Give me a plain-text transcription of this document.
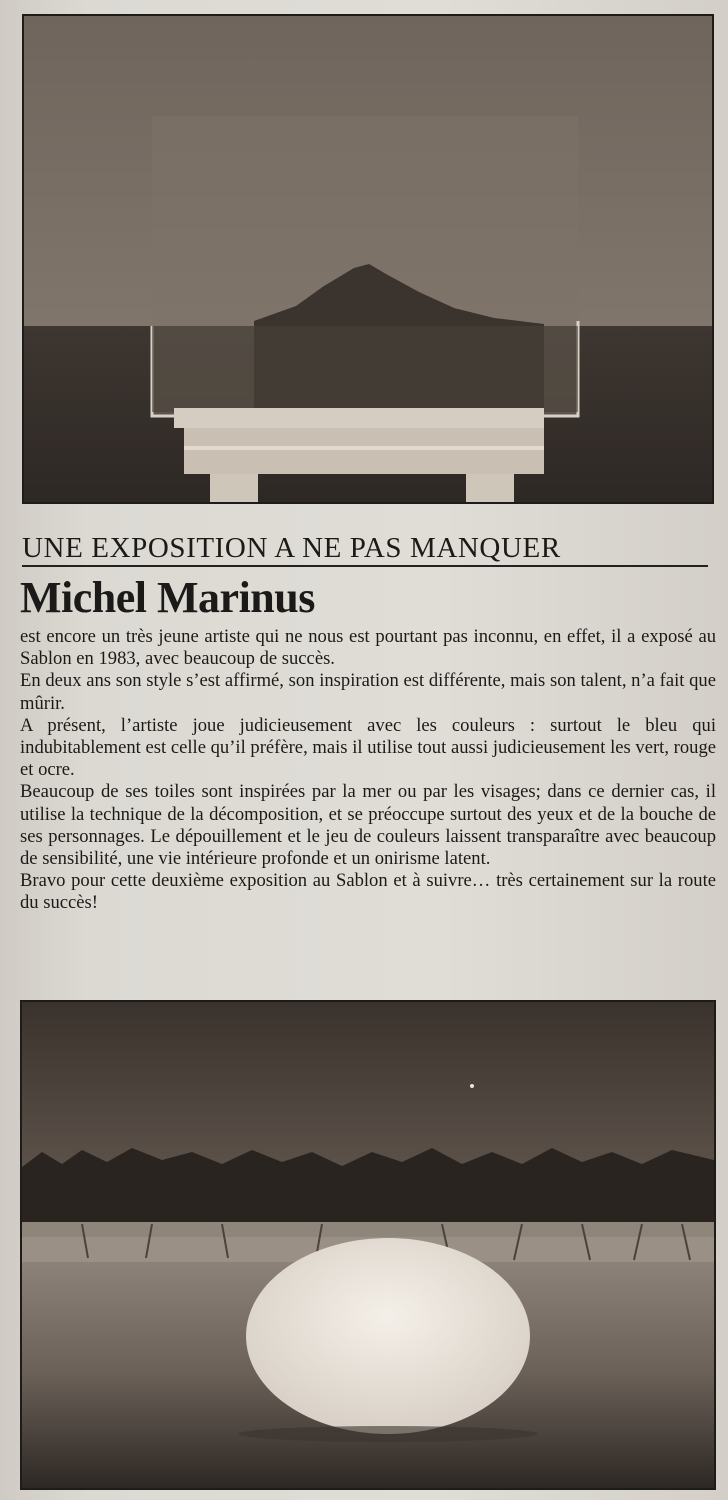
UNE EXPOSITION A NE PAS MANQUER
Michel Marinus

est encore un très jeune artiste qui ne nous est pourtant pas inconnu, en effet, il a exposé au Sablon en 1983, avec beaucoup de succès.

En deux ans son style s’est affirmé, son inspiration est différente, mais son talent, n’a fait que mûrir.

A présent, l’artiste joue judicieusement avec les couleurs : surtout le bleu qui indubitablement est celle qu’il préfère, mais il utilise tout aussi judicieusement les vert, rouge et ocre.

Beaucoup de ses toiles sont inspirées par la mer ou par les visages; dans ce dernier cas, il utilise la technique de la décomposition, et se préoccupe surtout des yeux et de la bouche de ses personnages. Le dépouillement et le jeu de couleurs laissent transparaître avec beaucoup de sensibilité, une vie intérieure profonde et un onirisme latent.

Bravo pour cette deuxième exposition au Sablon et à suivre… très certainement sur la route du succès!
